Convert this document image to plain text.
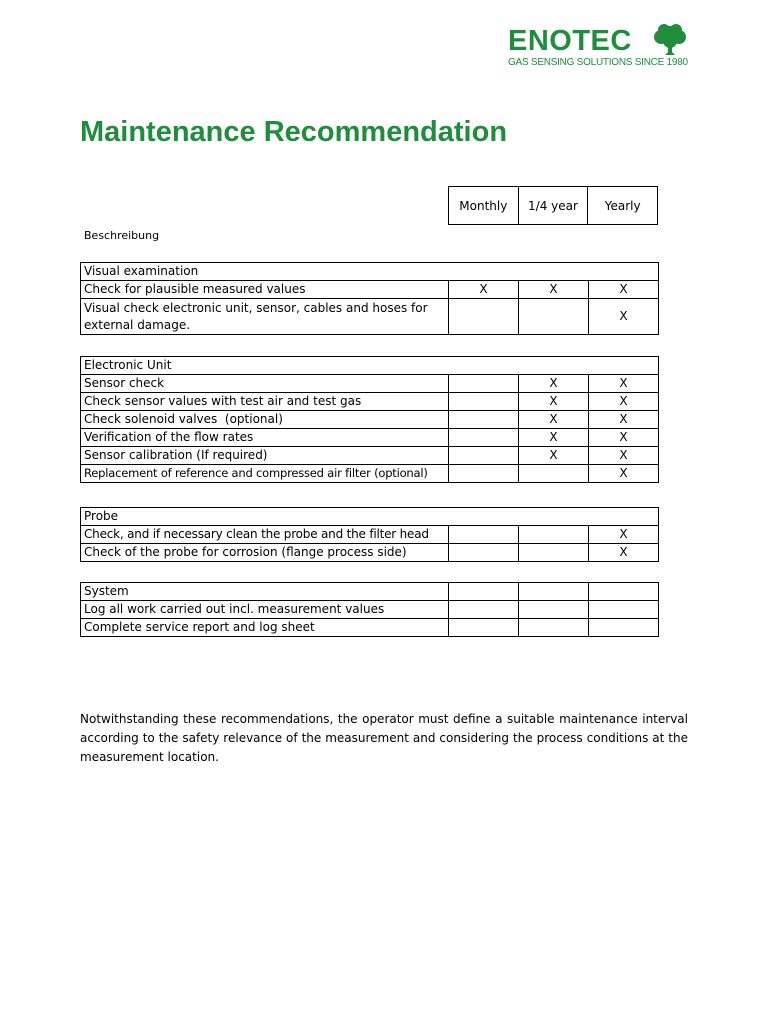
ENOTEC
GAS SENSING SOLUTIONS SINCE 1980
Maintenance Recommendation
Monthly	1/4 year	Yearly
Beschreibung
Visual examination			
Check for plausible measured values	X	X	X
Visual check electronic unit, sensor, cables and hoses for external damage.			X
Electronic Unit			
Sensor check		X	X
Check sensor values with test air and test gas		X	X
Check solenoid valves  (optional)		X	X
Verification of the flow rates		X	X
Sensor calibration (If required)		X	X
Replacement of reference and compressed air filter (optional)			X
Probe			
Check, and if necessary clean the probe and the filter head			X
Check of the probe for corrosion (flange process side)			X
System			
Log all work carried out incl. measurement values			
Complete service report and log sheet			
Notwithstanding these recommendations, the operator must define a suitable maintenance interval according to the safety relevance of the measurement and considering the process conditions at the measurement location.
